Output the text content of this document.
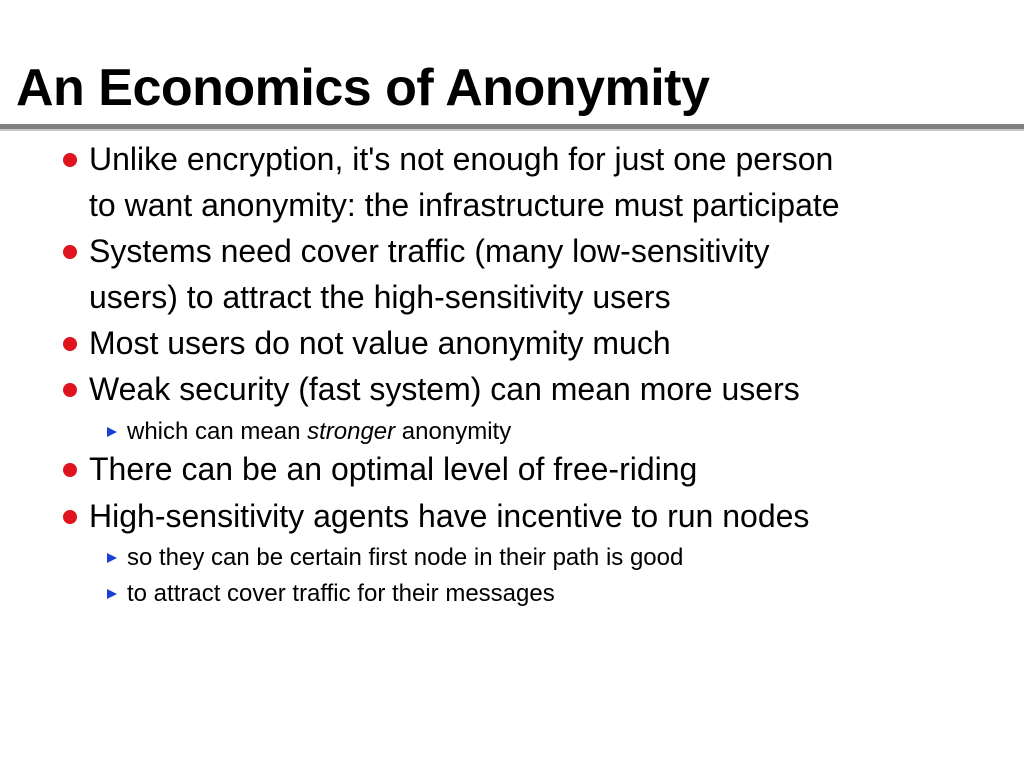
An Economics of Anonymity

Unlike encryption, it's not enough for just one person

to want anonymity: the infrastructure must participate

Systems need cover traffic (many low-sensitivity

users) to attract the high-sensitivity users

Most users do not value anonymity much

Weak security (fast system) can mean more users

which can mean stronger anonymity

There can be an optimal level of free-riding

High-sensitivity agents have incentive to run nodes

so they can be certain first node in their path is good

to attract cover traffic for their messages
